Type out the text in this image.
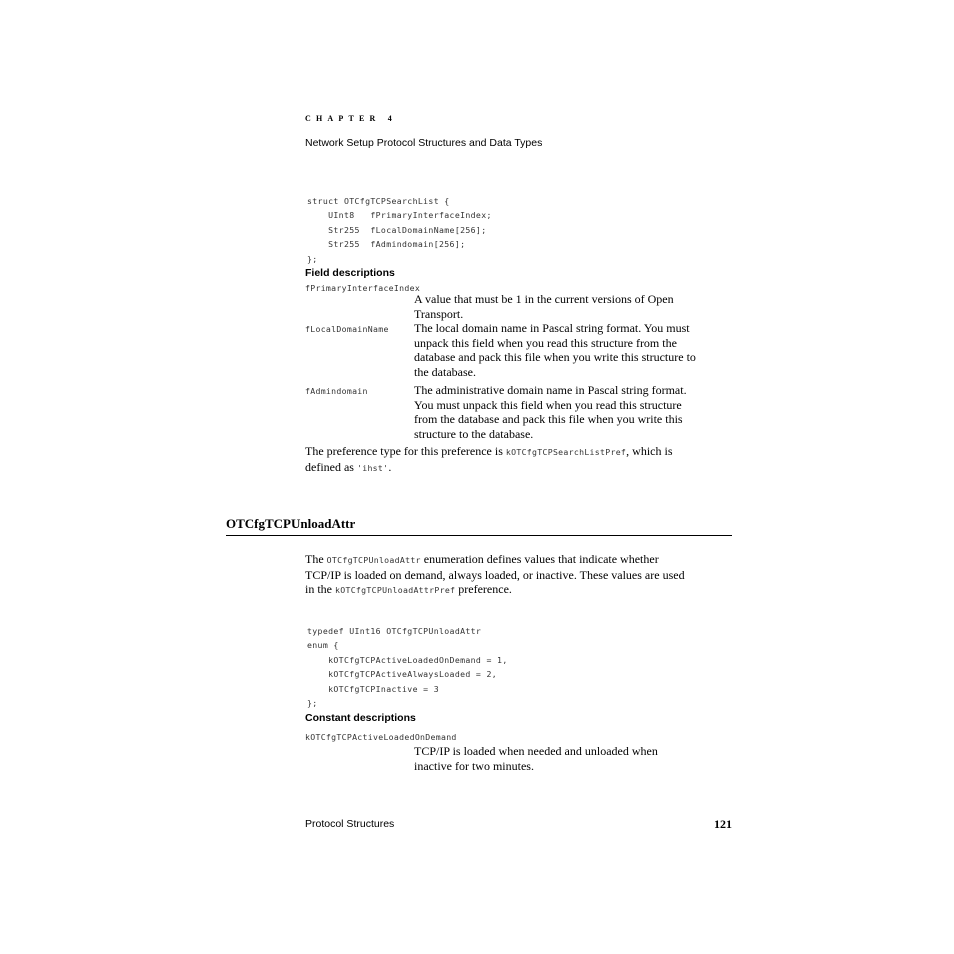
CHAPTER 4
Network Setup Protocol Structures and Data Types

struct OTCfgTCPSearchList {
UInt8   fPrimaryInterfaceIndex;
Str255  fLocalDomainName[256];
Str255  fAdmindomain[256];
};

Field descriptions
fPrimaryInterfaceIndex
A value that must be 1 in the current versions of Open
Transport.
fLocalDomainName The local domain name in Pascal string format. You must
unpack this field when you read this structure from the
database and pack this file when you write this structure to
the database.
fAdmindomain	The administrative domain name in Pascal string format.
You must unpack this field when you read this structure
from the database and pack this file when you write this
structure to the database.
The preference type for this preference is kOTCfgTCPSearchListPref, which is
defined as 'ihst'.
OTCfgTCPUnloadAttr
The OTCfgTCPUnloadAttr enumeration defines values that indicate whether
TCP/IP is loaded on demand, always loaded, or inactive. These values are used
in the kOTCfgTCPUnloadAttrPref preference.

typedef UInt16 OTCfgTCPUnloadAttr
enum {
kOTCfgTCPActiveLoadedOnDemand = 1,
kOTCfgTCPActiveAlwaysLoaded = 2,
kOTCfgTCPInactive = 3
};

Constant descriptions
kOTCfgTCPActiveLoadedOnDemand
TCP/IP is loaded when needed and unloaded when
inactive for two minutes.
Protocol Structures	121
